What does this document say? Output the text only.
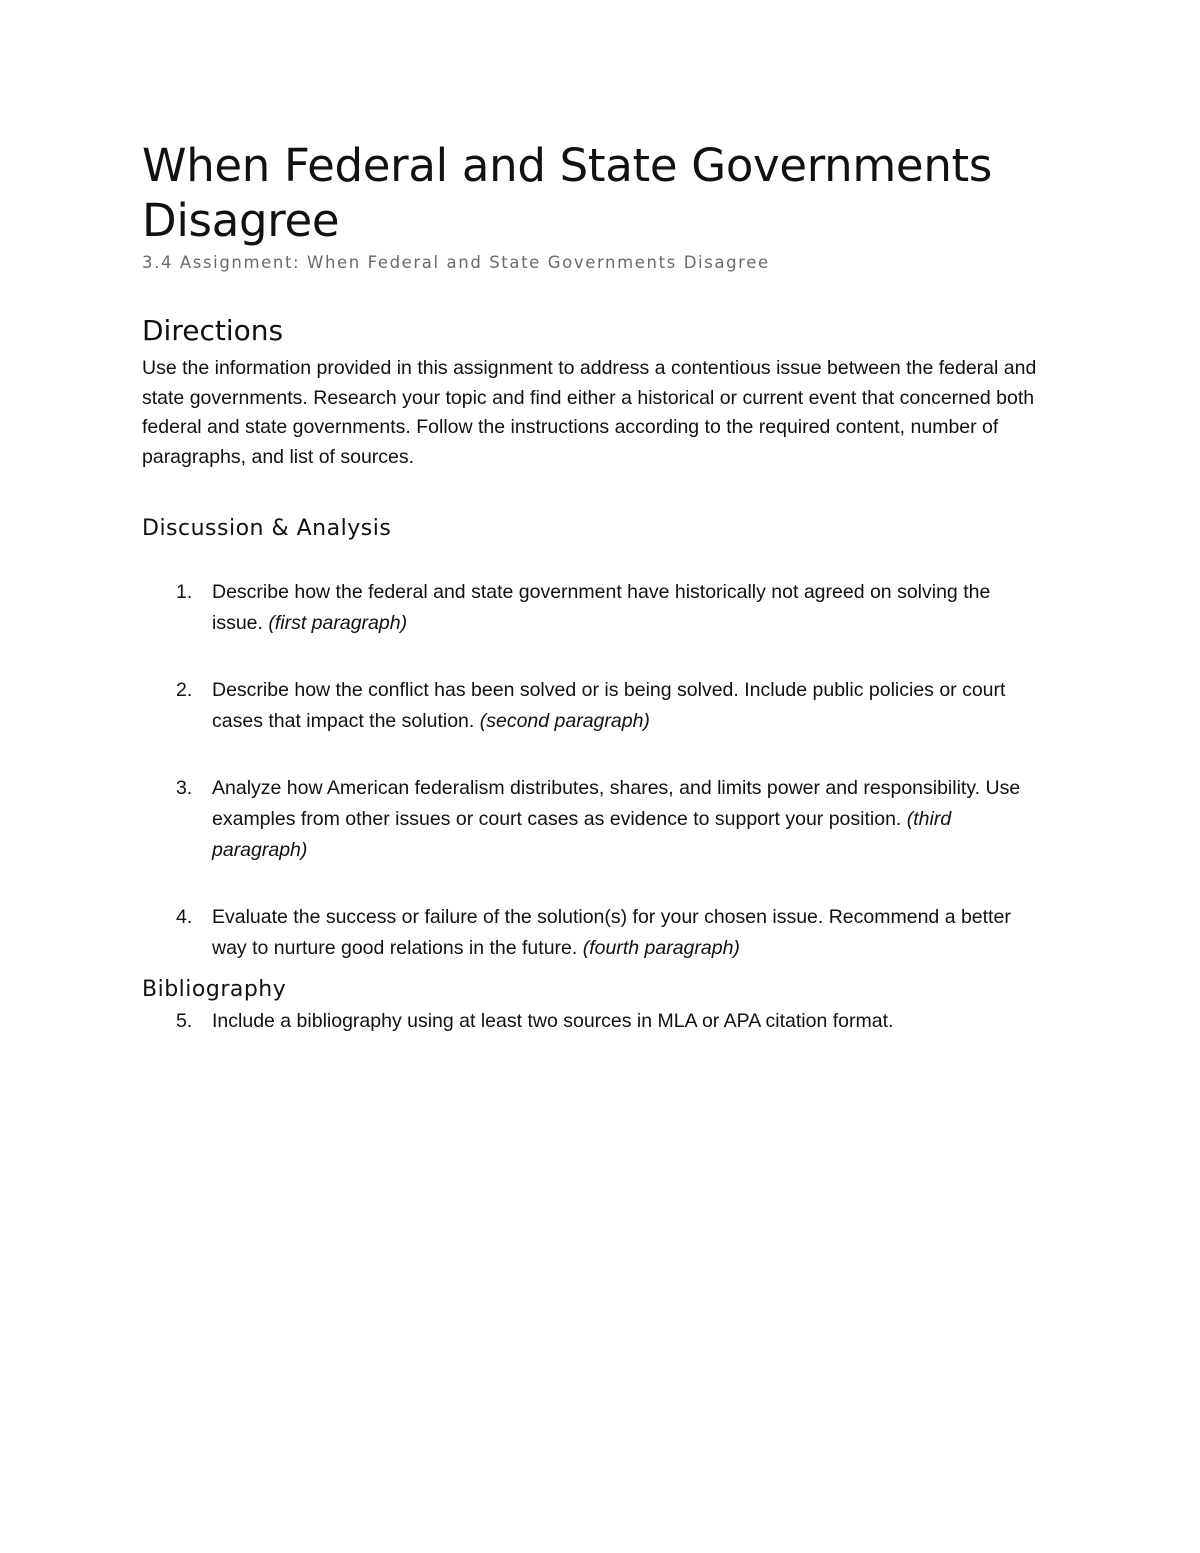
When Federal and State Governments Disagree
3.4 Assignment: When Federal and State Governments Disagree
Directions

Use the information provided in this assignment to address a contentious issue between the federal and state governments. Research your topic and find either a historical or current event that concerned both federal and state governments. Follow the instructions according to the required content, number of paragraphs, and list of sources.

Discussion & Analysis
1. Describe how the federal and state government have historically not agreed on solving the issue. (first paragraph)
2. Describe how the conflict has been solved or is being solved. Include public policies or court cases that impact the solution. (second paragraph)
3. Analyze how American federalism distributes, shares, and limits power and responsibility. Use examples from other issues or court cases as evidence to support your position. (third paragraph)
4. Evaluate the success or failure of the solution(s) for your chosen issue. Recommend a better way to nurture good relations in the future. (fourth paragraph)
Bibliography
5. Include a bibliography using at least two sources in MLA or APA citation format.
